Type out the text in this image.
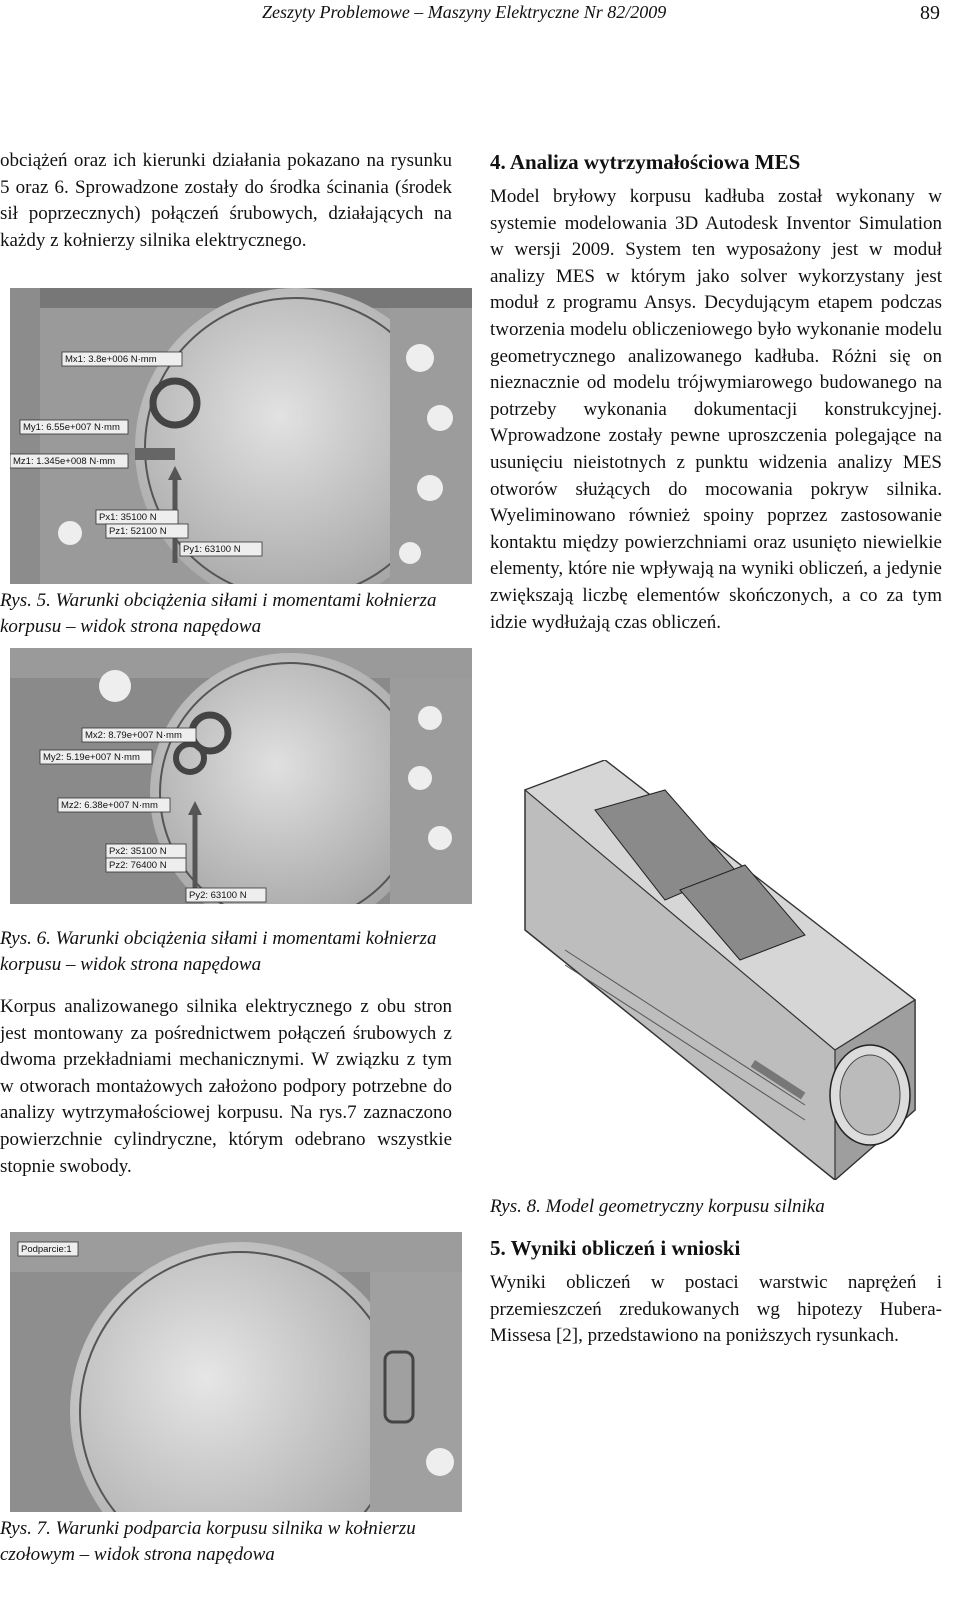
Zeszyty Problemowe – Maszyny Elektryczne Nr 82/2009	89

obciążeń oraz ich kierunki działania pokazano na rysunku 5 oraz 6. Sprowadzone zostały do środka ścinania (środek sił poprzecznych) połączeń śrubowych, działających na każdy z kołnierzy silnika elektrycznego.

Mx1: 3.8e+006 N·mm
My1: 6.55e+007 N·mm
Mz1: 1.345e+008 N·mm
Px1: 35100 N
Pz1: 52100 N
Py1: 63100 N

Rys. 5. Warunki obciążenia siłami i momentami kołnierza korpusu – widok strona napędowa

Mx2: 8.79e+007 N·mm
My2: 5.19e+007 N·mm
Mz2: 6.38e+007 N·mm
Px2: 35100 N
Pz2: 76400 N
Py2: 63100 N

Rys. 6. Warunki obciążenia siłami i momentami kołnierza korpusu – widok strona napędowa

Korpus analizowanego silnika elektrycznego z obu stron jest montowany za pośrednictwem połączeń śrubowych z dwoma przekładniami mechanicznymi. W związku z tym w otworach montażowych założono podpory potrzebne do analizy wytrzymałościowej korpusu. Na rys.7 zaznaczono powierzchnie cylindryczne, którym odebrano wszystkie stopnie swobody.

Podparcie:1

Rys. 7. Warunki podparcia korpusu silnika w kołnierzu czołowym – widok strona napędowa

4. Analiza wytrzymałościowa MES

Model bryłowy korpusu kadłuba został wykonany w systemie modelowania 3D Autodesk Inventor Simulation w wersji 2009. System ten wyposażony jest w moduł analizy MES w którym jako solver wykorzystany jest moduł z programu Ansys. Decydującym etapem podczas tworzenia modelu obliczeniowego było wykonanie modelu geometrycznego analizowanego kadłuba. Różni się on nieznacznie od modelu trójwymiarowego budowanego na potrzeby wykonania dokumentacji konstrukcyjnej. Wprowadzone zostały pewne uproszczenia polegające na usunięciu nieistotnych z punktu widzenia analizy MES otworów służących do mocowania pokryw silnika. Wyeliminowano również spoiny poprzez zastosowanie kontaktu między powierzchniami oraz usunięto niewielkie elementy, które nie wpływają na wyniki obliczeń, a jedynie zwiększają liczbę elementów skończonych, a co za tym idzie wydłużają czas obliczeń.

Rys. 8. Model geometryczny korpusu silnika

5. Wyniki obliczeń i wnioski

Wyniki obliczeń w postaci warstwic naprężeń i przemieszczeń zredukowanych wg hipotezy Hubera-Missesa [2], przedstawiono na poniższych rysunkach.
